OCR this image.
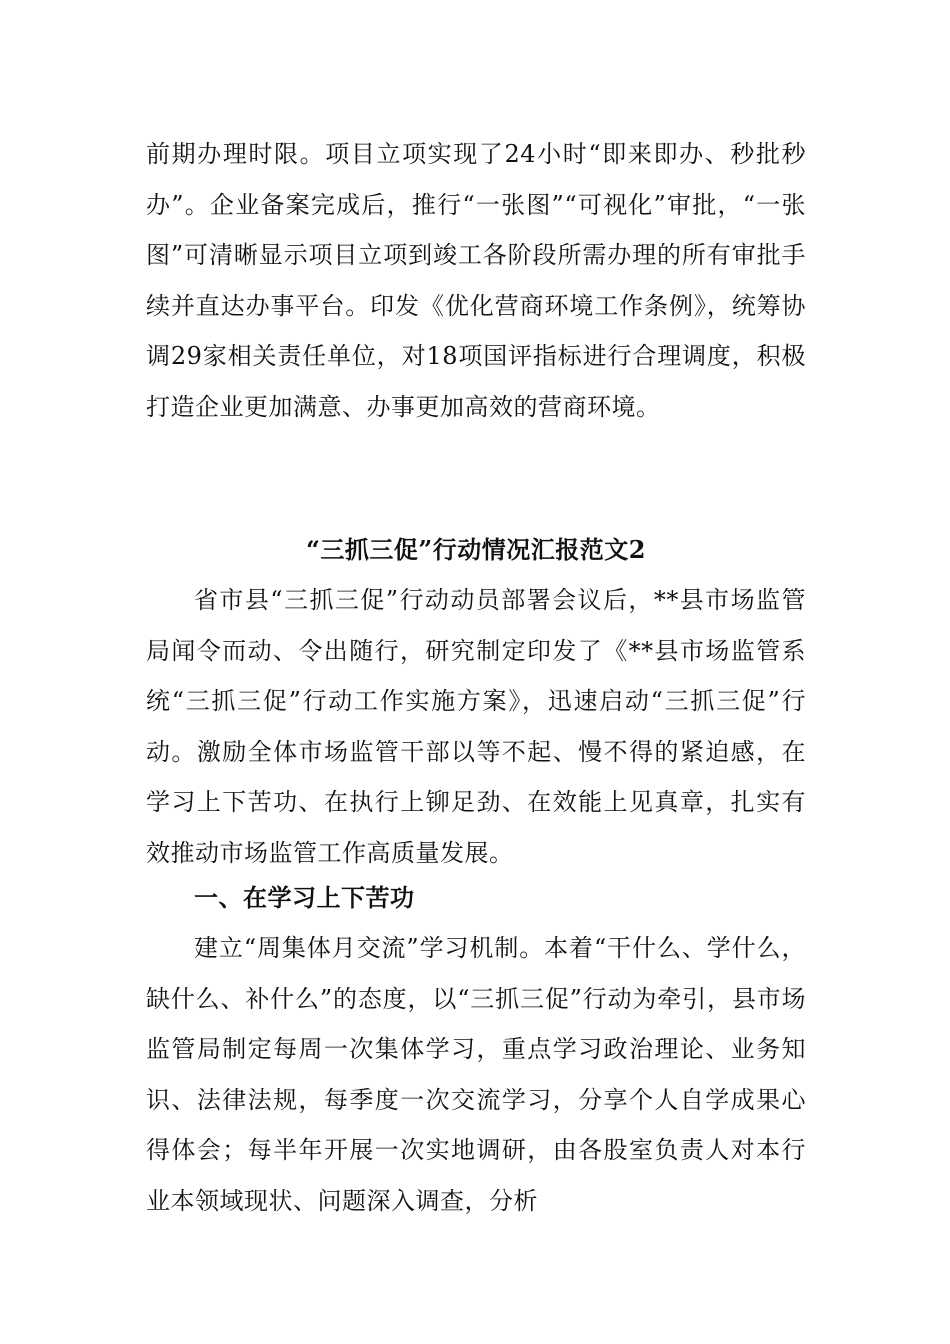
前期办理时限。项目立项实现了24小时“即来即办、秒批秒办”。企业备案完成后，推行“一张图”“可视化”审批，“一张图”可清晰显示项目立项到竣工各阶段所需办理的所有审批手续并直达办事平台。印发《优化营商环境工作条例》，统筹协调29家相关责任单位，对18项国评指标进行合理调度，积极打造企业更加满意、办事更加高效的营商环境。

“三抓三促”行动情况汇报范文2

省市县“三抓三促”行动动员部署会议后，**县市场监管局闻令而动、令出随行，研究制定印发了《**县市场监管系统“三抓三促”行动工作实施方案》，迅速启动“三抓三促”行动。激励全体市场监管干部以等不起、慢不得的紧迫感，在学习上下苦功、在执行上铆足劲、在效能上见真章，扎实有效推动市场监管工作高质量发展。

一、在学习上下苦功

建立“周集体月交流”学习机制。本着“干什么、学什么，缺什么、补什么”的态度，以“三抓三促”行动为牵引，县市场监管局制定每周一次集体学习，重点学习政治理论、业务知识、法律法规，每季度一次交流学习，分享个人自学成果心得体会；每半年开展一次实地调研，由各股室负责人对本行业本领域现状、问题深入调查，分析
